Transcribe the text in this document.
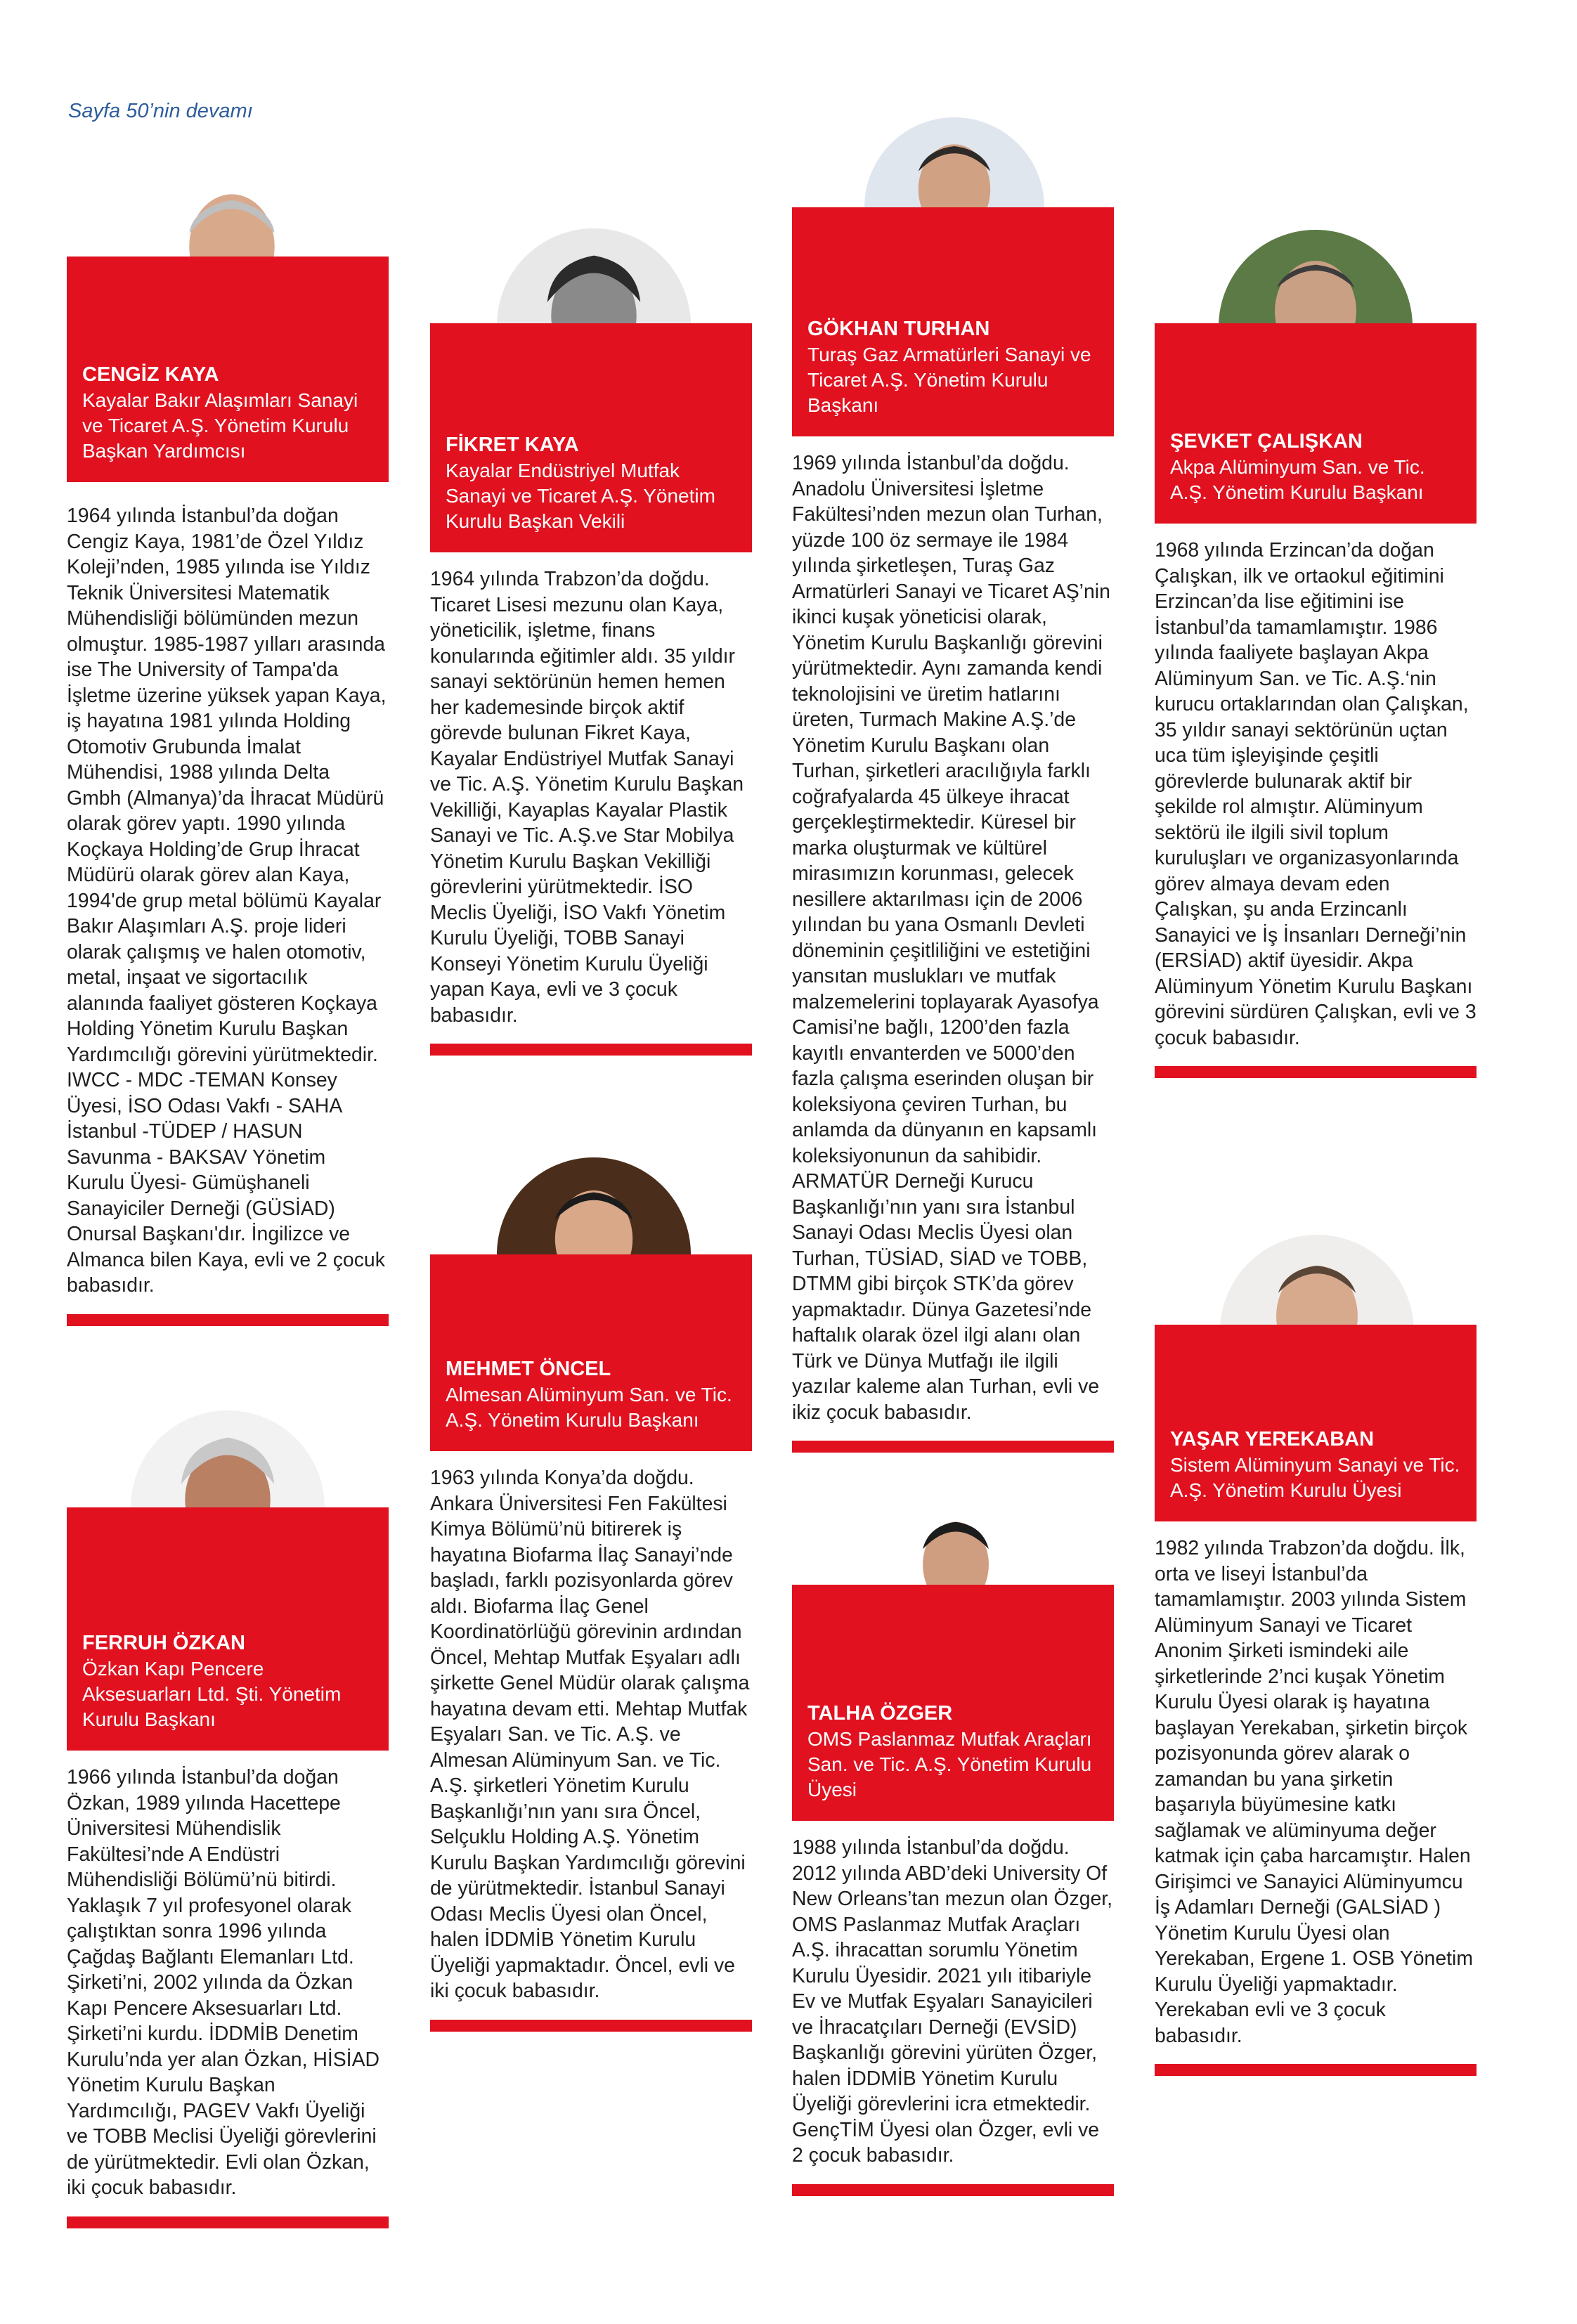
Sayfa 50’nin devamı
CENGİZ KAYA
Kayalar Bakır Alaşımları Sanayi ve Ticaret A.Ş. Yönetim Kurulu Başkan Yardımcısı
1964 yılında İstanbul’da doğan Cengiz Kaya, 1981’de Özel Yıldız Koleji’nden, 1985 yılında ise Yıldız Teknik Üniversitesi Matematik Mühendisliği bölümünden mezun olmuştur. 1985-1987 yılları arasında ise The University of Tampa'da İşletme üzerine yüksek yapan Kaya, iş hayatına 1981 yılında Holding Otomotiv Grubunda İmalat Mühendisi, 1988 yılında Delta Gmbh (Almanya)’da İhracat Müdürü olarak görev yaptı. 1990 yılında Koçkaya Holding’de Grup İhracat Müdürü olarak görev alan Kaya, 1994'de grup metal bölümü Kayalar Bakır Alaşımları A.Ş. proje lideri olarak çalışmış ve halen otomotiv, metal, inşaat ve sigortacılık alanında faaliyet gösteren Koçkaya Holding Yönetim Kurulu Başkan Yardımcılığı görevini yürütmektedir. IWCC - MDC -TEMAN Konsey Üyesi, İSO Odası Vakfı - SAHA İstanbul -TÜDEP / HASUN Savunma - BAKSAV Yönetim Kurulu Üyesi- Gümüşhaneli Sanayiciler Derneği (GÜSİAD) Onursal Başkanı'dır. İngilizce ve Almanca bilen Kaya, evli ve 2 çocuk babasıdır.
FİKRET KAYA
Kayalar Endüstriyel Mutfak Sanayi ve Ticaret A.Ş. Yönetim Kurulu Başkan Vekili
1964 yılında Trabzon’da doğdu. Ticaret Lisesi mezunu olan Kaya, yöneticilik, işletme, finans konularında eğitimler aldı. 35 yıldır sanayi sektörünün hemen hemen her kademesinde birçok aktif görevde bulunan Fikret Kaya, Kayalar Endüstriyel Mutfak Sanayi ve Tic. A.Ş. Yönetim Kurulu Başkan Vekilliği, Kayaplas Kayalar Plastik Sanayi ve Tic. A.Ş.ve Star Mobilya Yönetim Kurulu Başkan Vekilliği görevlerini yürütmektedir. İSO Meclis Üyeliği, İSO Vakfı Yönetim Kurulu Üyeliği, TOBB Sanayi Konseyi Yönetim Kurulu Üyeliği yapan Kaya, evli ve 3 çocuk babasıdır.
GÖKHAN TURHAN
Turaş Gaz Armatürleri Sanayi ve Ticaret A.Ş. Yönetim Kurulu Başkanı
1969 yılında İstanbul’da doğdu. Anadolu Üniversitesi İşletme Fakültesi’nden mezun olan Turhan, yüzde 100 öz sermaye ile 1984 yılında şirketleşen, Turaş Gaz Armatürleri Sanayi ve Ticaret AŞ’nin ikinci kuşak yöneticisi olarak, Yönetim Kurulu Başkanlığı görevini yürütmektedir. Aynı zamanda kendi teknolojisini ve üretim hatlarını üreten, Turmach Makine A.Ş.’de Yönetim Kurulu Başkanı olan Turhan, şirketleri aracılığıyla farklı coğrafyalarda 45 ülkeye ihracat gerçekleştirmektedir. Küresel bir marka oluşturmak ve kültürel mirasımızın korunması, gelecek nesillere aktarılması için de 2006 yılından bu yana Osmanlı Devleti döneminin çeşitliliğini ve estetiğini yansıtan muslukları ve mutfak malzemelerini toplayarak Ayasofya Camisi’ne bağlı, 1200’den fazla kayıtlı envanterden ve 5000’den fazla çalışma eserinden oluşan bir koleksiyona çeviren Turhan, bu anlamda da dünyanın en kapsamlı koleksiyonunun da sahibidir. ARMATÜR Derneği Kurucu Başkanlığı’nın yanı sıra İstanbul Sanayi Odası Meclis Üyesi olan Turhan, TÜSİAD, SİAD ve TOBB, DTMM gibi birçok STK’da görev yapmaktadır. Dünya Gazetesi’nde haftalık olarak özel ilgi alanı olan Türk ve Dünya Mutfağı ile ilgili yazılar kaleme alan Turhan, evli ve ikiz çocuk babasıdır.
ŞEVKET ÇALIŞKAN
Akpa Alüminyum San. ve Tic. A.Ş. Yönetim Kurulu Başkanı
1968 yılında Erzincan’da doğan Çalışkan, ilk ve ortaokul eğitimini Erzincan’da lise eğitimini ise İstanbul’da tamamlamıştır. 1986 yılında faaliyete başlayan Akpa Alüminyum San. ve Tic. A.Ş.‘nin kurucu ortaklarından olan Çalışkan, 35 yıldır sanayi sektörünün uçtan uca tüm işleyişinde çeşitli görevlerde bulunarak aktif bir şekilde rol almıştır. Alüminyum sektörü ile ilgili sivil toplum kuruluşları ve organizasyonlarında görev almaya devam eden Çalışkan, şu anda Erzincanlı Sanayici ve İş İnsanları Derneği’nin (ERSİAD) aktif üyesidir. Akpa Alüminyum Yönetim Kurulu Başkanı görevini sürdüren Çalışkan, evli ve 3 çocuk babasıdır.
MEHMET ÖNCEL
Almesan Alüminyum San. ve Tic. A.Ş. Yönetim Kurulu Başkanı
1963 yılında Konya’da doğdu. Ankara Üniversitesi Fen Fakültesi Kimya Bölümü’nü bitirerek iş hayatına Biofarma İlaç Sanayi’nde başladı, farklı pozisyonlarda görev aldı. Biofarma İlaç Genel Koordinatörlüğü görevinin ardından Öncel, Mehtap Mutfak Eşyaları adlı şirkette Genel Müdür olarak çalışma hayatına devam etti. Mehtap Mutfak Eşyaları San. ve Tic. A.Ş. ve Almesan Alüminyum San. ve Tic. A.Ş. şirketleri Yönetim Kurulu Başkanlığı’nın yanı sıra Öncel, Selçuklu Holding A.Ş. Yönetim Kurulu Başkan Yardımcılığı görevini de yürütmektedir. İstanbul Sanayi Odası Meclis Üyesi olan Öncel, halen İDDMİB Yönetim Kurulu Üyeliği yapmaktadır. Öncel, evli ve iki çocuk babasıdır.
FERRUH ÖZKAN
Özkan Kapı Pencere Aksesuarları Ltd. Şti. Yönetim Kurulu Başkanı
1966 yılında İstanbul’da doğan Özkan, 1989 yılında Hacettepe Üniversitesi Mühendislik Fakültesi’nde A Endüstri Mühendisliği Bölümü’nü bitirdi. Yaklaşık 7 yıl profesyonel olarak çalıştıktan sonra 1996 yılında Çağdaş Bağlantı Elemanları Ltd. Şirketi’ni, 2002 yılında da Özkan Kapı Pencere Aksesuarları Ltd. Şirketi’ni kurdu. İDDMİB Denetim Kurulu’nda yer alan Özkan, HİSİAD Yönetim Kurulu Başkan Yardımcılığı, PAGEV Vakfı Üyeliği ve TOBB Meclisi Üyeliği görevlerini de yürütmektedir. Evli olan Özkan, iki çocuk babasıdır.
TALHA ÖZGER
OMS Paslanmaz Mutfak Araçları San. ve Tic. A.Ş. Yönetim Kurulu Üyesi
1988 yılında İstanbul’da doğdu. 2012 yılında ABD’deki University Of New Orleans’tan mezun olan Özger, OMS Paslanmaz Mutfak Araçları A.Ş. ihracattan sorumlu Yönetim Kurulu Üyesidir. 2021 yılı itibariyle Ev ve Mutfak Eşyaları Sanayicileri ve İhracatçıları Derneği (EVSİD) Başkanlığı görevini yürüten Özger, halen İDDMİB Yönetim Kurulu Üyeliği görevlerini icra etmektedir. GençTİM Üyesi olan Özger, evli ve 2 çocuk babasıdır.
YAŞAR YEREKABAN
Sistem Alüminyum Sanayi ve Tic. A.Ş. Yönetim Kurulu Üyesi
1982 yılında Trabzon’da doğdu. İlk, orta ve liseyi İstanbul’da tamamlamıştır. 2003 yılında Sistem Alüminyum Sanayi ve Ticaret Anonim Şirketi ismindeki aile şirketlerinde 2’nci kuşak Yönetim Kurulu Üyesi olarak iş hayatına başlayan Yerekaban, şirketin birçok pozisyonunda görev alarak o zamandan bu yana şirketin başarıyla büyümesine katkı sağlamak ve alüminyuma değer katmak için çaba harcamıştır. Halen Girişimci ve Sanayici Alüminyumcu İş Adamları Derneği (GALSİAD ) Yönetim Kurulu Üyesi olan Yerekaban, Ergene 1. OSB Yönetim Kurulu Üyeliği yapmaktadır. Yerekaban evli ve 3 çocuk babasıdır.
